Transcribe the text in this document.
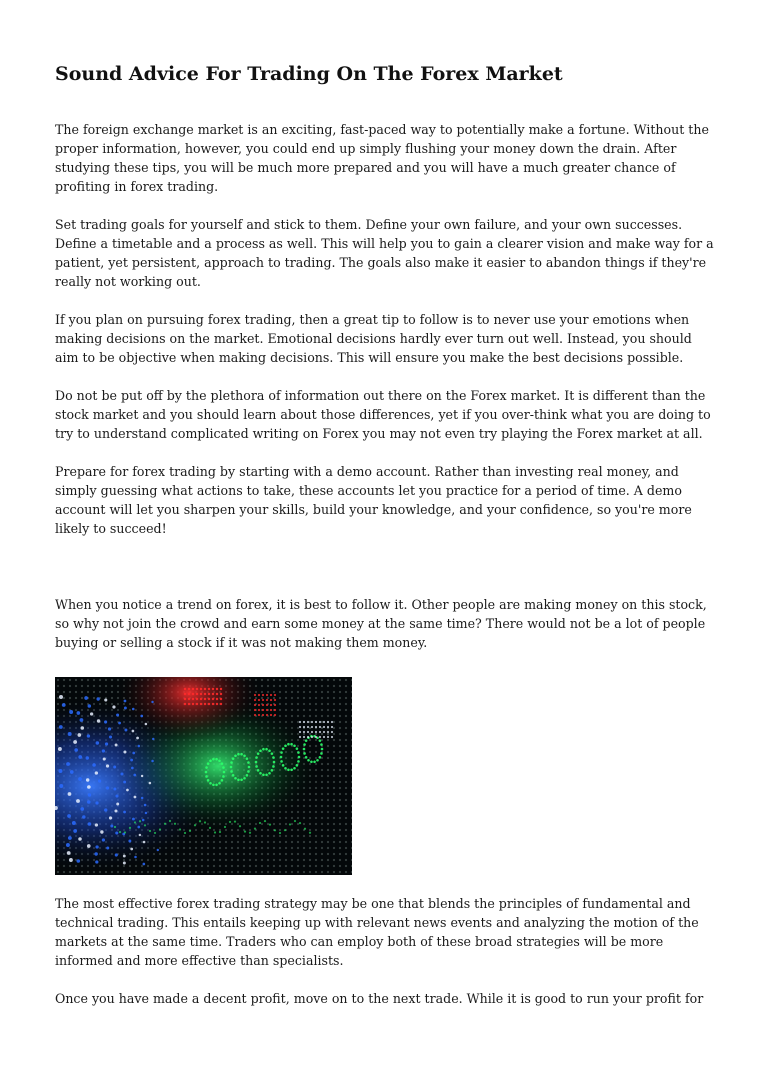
Sound Advice For Trading On The Forex Market

The foreign exchange market is an exciting, fast-paced way to potentially make a fortune. Without the proper information, however, you could end up simply flushing your money down the drain. After studying these tips, you will be much more prepared and you will have a much greater chance of profiting in forex trading.

Set trading goals for yourself and stick to them. Define your own failure, and your own successes. Define a timetable and a process as well. This will help you to gain a clearer vision and make way for a patient, yet persistent, approach to trading. The goals also make it easier to abandon things if they're really not working out.

If you plan on pursuing forex trading, then a great tip to follow is to never use your emotions when making decisions on the market. Emotional decisions hardly ever turn out well. Instead, you should aim to be objective when making decisions. This will ensure you make the best decisions possible.

Do not be put off by the plethora of information out there on the Forex market. It is different than the stock market and you should learn about those differences, yet if you over-think what you are doing to try to understand complicated writing on Forex you may not even try playing the Forex market at all.

Prepare for forex trading by starting with a demo account. Rather than investing real money, and simply guessing what actions to take, these accounts let you practice for a period of time. A demo account will let you sharpen your skills, build your knowledge, and your confidence, so you're more likely to succeed!

When you notice a trend on forex, it is best to follow it. Other people are making money on this stock, so why not join the crowd and earn some money at the same time? There would not be a lot of people buying or selling a stock if it was not making them money.

The most effective forex trading strategy may be one that blends the principles of fundamental and technical trading. This entails keeping up with relevant news events and analyzing the motion of the markets at the same time. Traders who can employ both of these broad strategies will be more informed and more effective than specialists.

Once you have made a decent profit, move on to the next trade. While it is good to run your profit for
